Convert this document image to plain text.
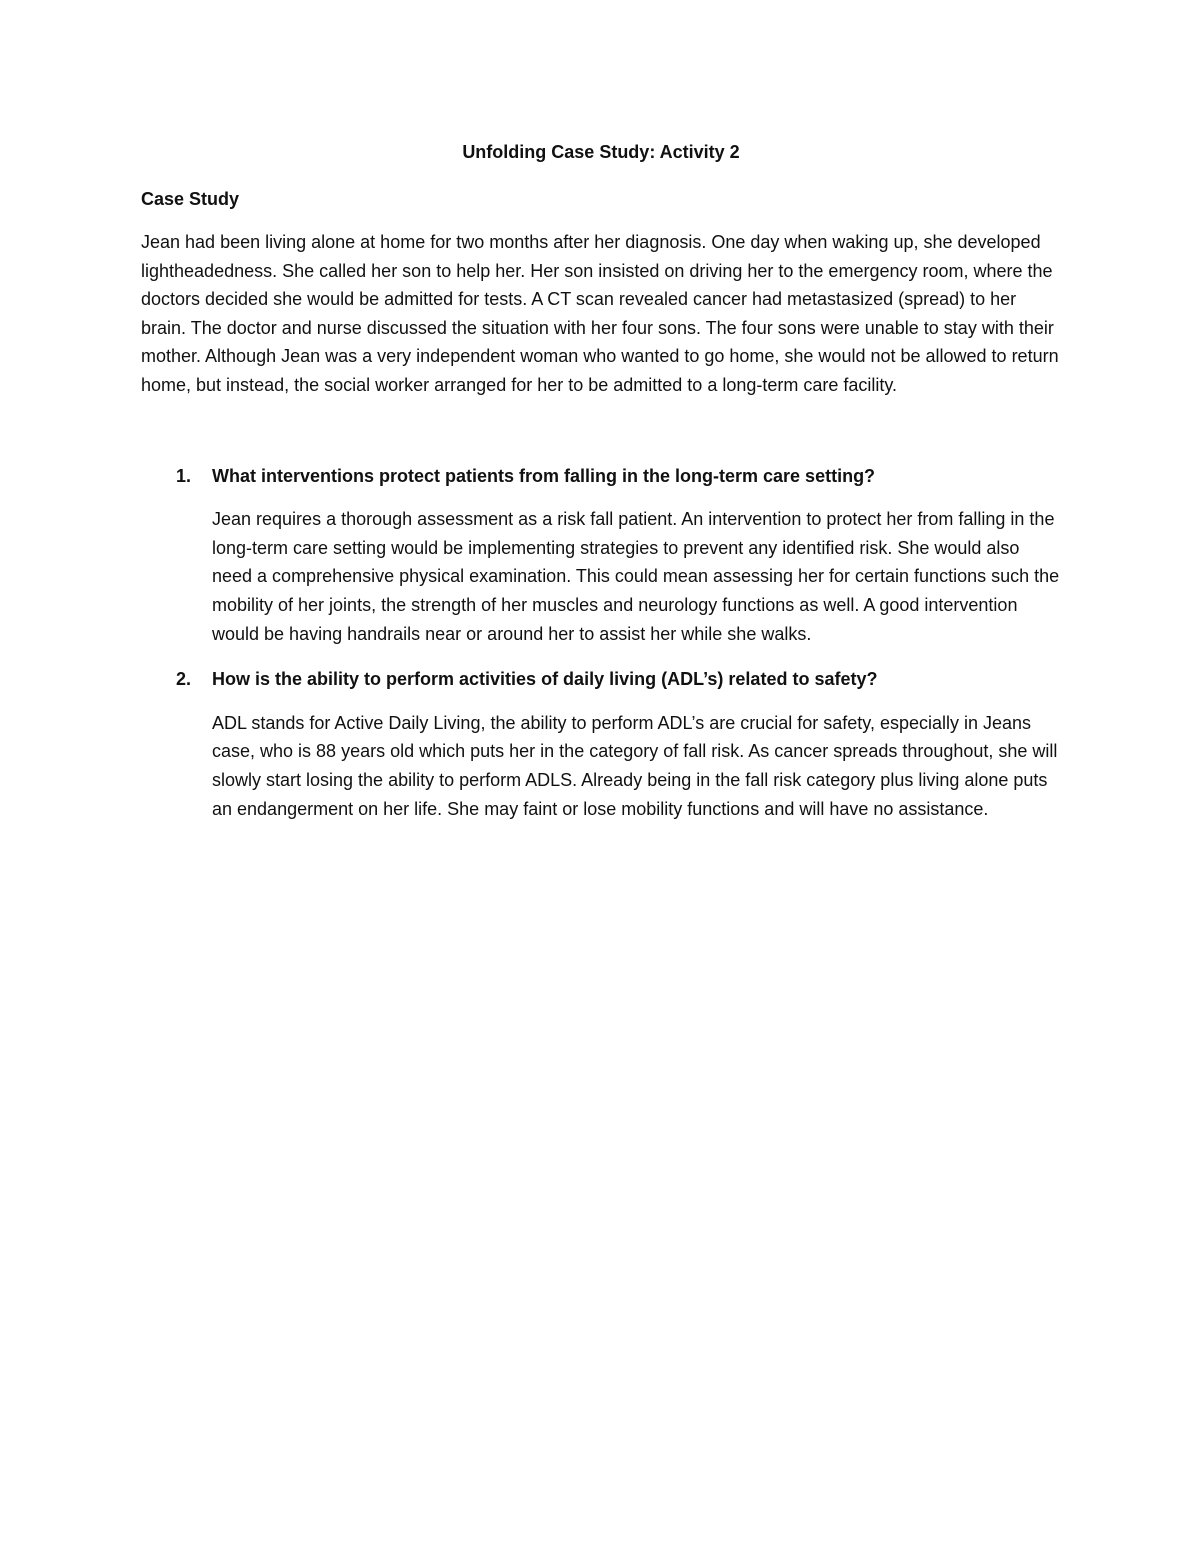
Unfolding Case Study: Activity 2
Case Study

Jean had been living alone at home for two months after her diagnosis. One day when waking up, she developed lightheadedness. She called her son to help her. Her son insisted on driving her to the emergency room, where the doctors decided she would be admitted for tests. A CT scan revealed cancer had metastasized (spread) to her brain. The doctor and nurse discussed the situation with her four sons. The four sons were unable to stay with their mother. Although Jean was a very independent woman who wanted to go home, she would not be allowed to return home, but instead, the social worker arranged for her to be admitted to a long-term care facility.

1. What interventions protect patients from falling in the long-term care setting?

Jean requires a thorough assessment as a risk fall patient. An intervention to protect her from falling in the long-term care setting would be implementing strategies to prevent any identified risk. She would also need a comprehensive physical examination. This could mean assessing her for certain functions such the mobility of her joints, the strength of her muscles and neurology functions as well. A good intervention would be having handrails near or around her to assist her while she walks.

2. How is the ability to perform activities of daily living (ADL’s) related to safety?

ADL stands for Active Daily Living, the ability to perform ADL’s are crucial for safety, especially in Jeans case, who is 88 years old which puts her in the category of fall risk. As cancer spreads throughout, she will slowly start losing the ability to perform ADLS. Already being in the fall risk category plus living alone puts an endangerment on her life. She may faint or lose mobility functions and will have no assistance.
